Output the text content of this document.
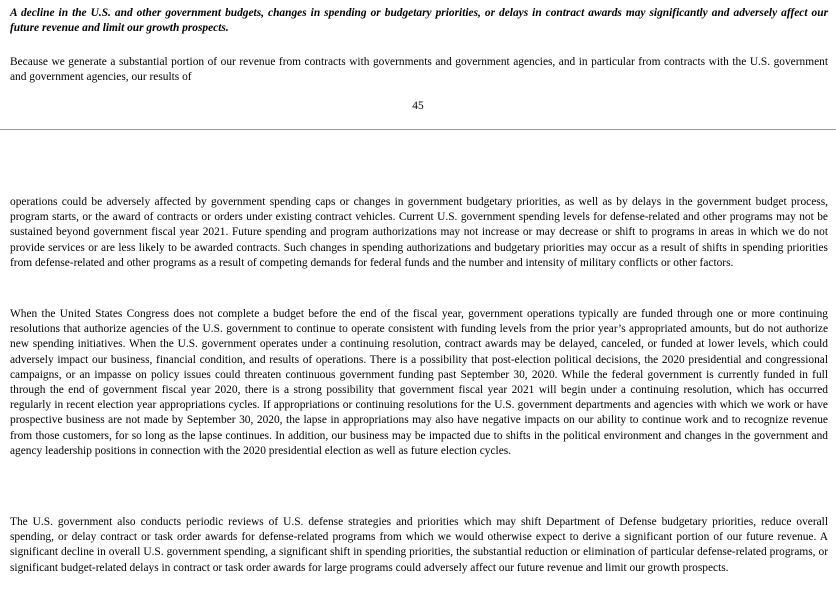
A decline in the U.S. and other government budgets, changes in spending or budgetary priorities, or delays in contract awards may significantly and adversely affect our future revenue and limit our growth prospects.

Because we generate a substantial portion of our revenue from contracts with governments and government agencies, and in particular from contracts with the U.S. government and government agencies, our results of

45

operations could be adversely affected by government spending caps or changes in government budgetary priorities, as well as by delays in the government budget process, program starts, or the award of contracts or orders under existing contract vehicles. Current U.S. government spending levels for defense-related and other programs may not be sustained beyond government fiscal year 2021. Future spending and program authorizations may not increase or may decrease or shift to programs in areas in which we do not provide services or are less likely to be awarded contracts. Such changes in spending authorizations and budgetary priorities may occur as a result of shifts in spending priorities from defense-related and other programs as a result of competing demands for federal funds and the number and intensity of military conflicts or other factors.

When the United States Congress does not complete a budget before the end of the fiscal year, government operations typically are funded through one or more continuing resolutions that authorize agencies of the U.S. government to continue to operate consistent with funding levels from the prior year’s appropriated amounts, but do not authorize new spending initiatives. When the U.S. government operates under a continuing resolution, contract awards may be delayed, canceled, or funded at lower levels, which could adversely impact our business, financial condition, and results of operations. There is a possibility that post-election political decisions, the 2020 presidential and congressional campaigns, or an impasse on policy issues could threaten continuous government funding past September 30, 2020. While the federal government is currently funded in full through the end of government fiscal year 2020, there is a strong possibility that government fiscal year 2021 will begin under a continuing resolution, which has occurred regularly in recent election year appropriations cycles. If appropriations or continuing resolutions for the U.S. government departments and agencies with which we work or have prospective business are not made by September 30, 2020, the lapse in appropriations may also have negative impacts on our ability to continue work and to recognize revenue from those customers, for so long as the lapse continues. In addition, our business may be impacted due to shifts in the political environment and changes in the government and agency leadership positions in connection with the 2020 presidential election as well as future election cycles.

The U.S. government also conducts periodic reviews of U.S. defense strategies and priorities which may shift Department of Defense budgetary priorities, reduce overall spending, or delay contract or task order awards for defense-related programs from which we would otherwise expect to derive a significant portion of our future revenue. A significant decline in overall U.S. government spending, a significant shift in spending priorities, the substantial reduction or elimination of particular defense-related programs, or significant budget-related delays in contract or task order awards for large programs could adversely affect our future revenue and limit our growth prospects.
